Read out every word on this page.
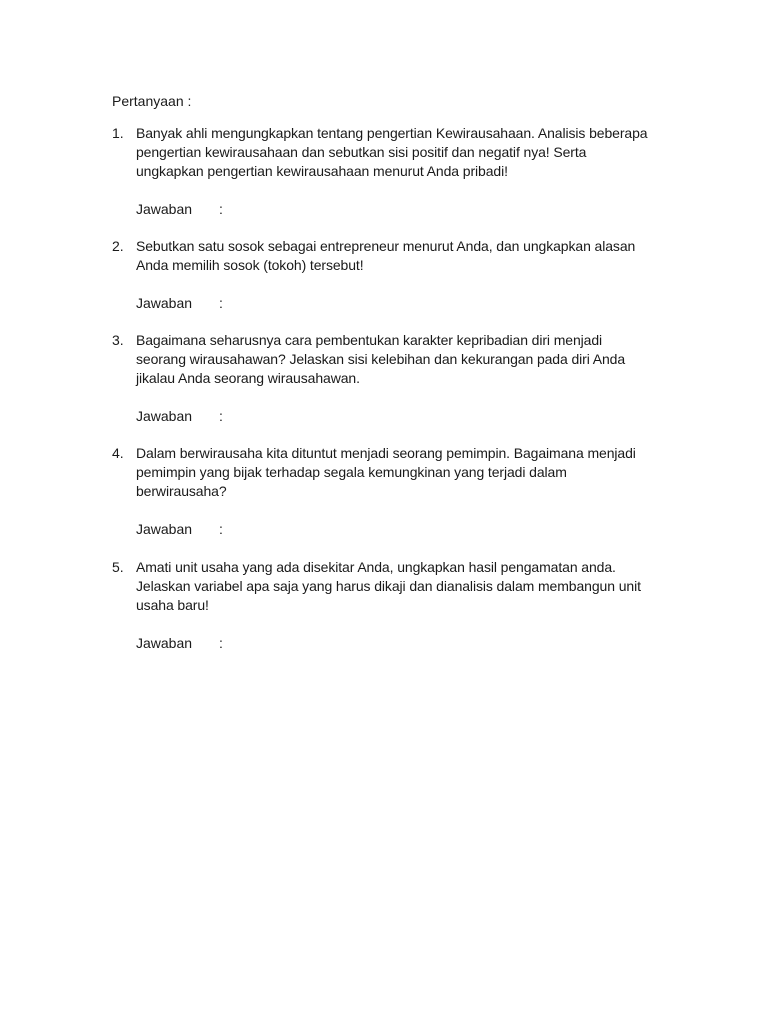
Pertanyaan :
1. Banyak ahli mengungkapkan tentang pengertian Kewirausahaan. Analisis beberapa pengertian kewirausahaan dan sebutkan sisi positif dan negatif nya! Serta ungkapkan pengertian kewirausahaan menurut Anda pribadi!
Jawaban	:
2. Sebutkan satu sosok sebagai entrepreneur menurut Anda, dan ungkapkan alasan Anda memilih sosok (tokoh) tersebut!
Jawaban	:
3. Bagaimana seharusnya cara pembentukan karakter kepribadian diri menjadi seorang wirausahawan? Jelaskan sisi kelebihan dan kekurangan pada diri Anda jikalau Anda seorang wirausahawan.
Jawaban	:
4. Dalam berwirausaha kita dituntut menjadi seorang pemimpin. Bagaimana menjadi pemimpin yang bijak terhadap segala kemungkinan yang terjadi dalam berwirausaha?
Jawaban	:
5. Amati unit usaha yang ada disekitar Anda, ungkapkan hasil pengamatan anda. Jelaskan variabel apa saja yang harus dikaji dan dianalisis dalam membangun unit usaha baru!
Jawaban	:
